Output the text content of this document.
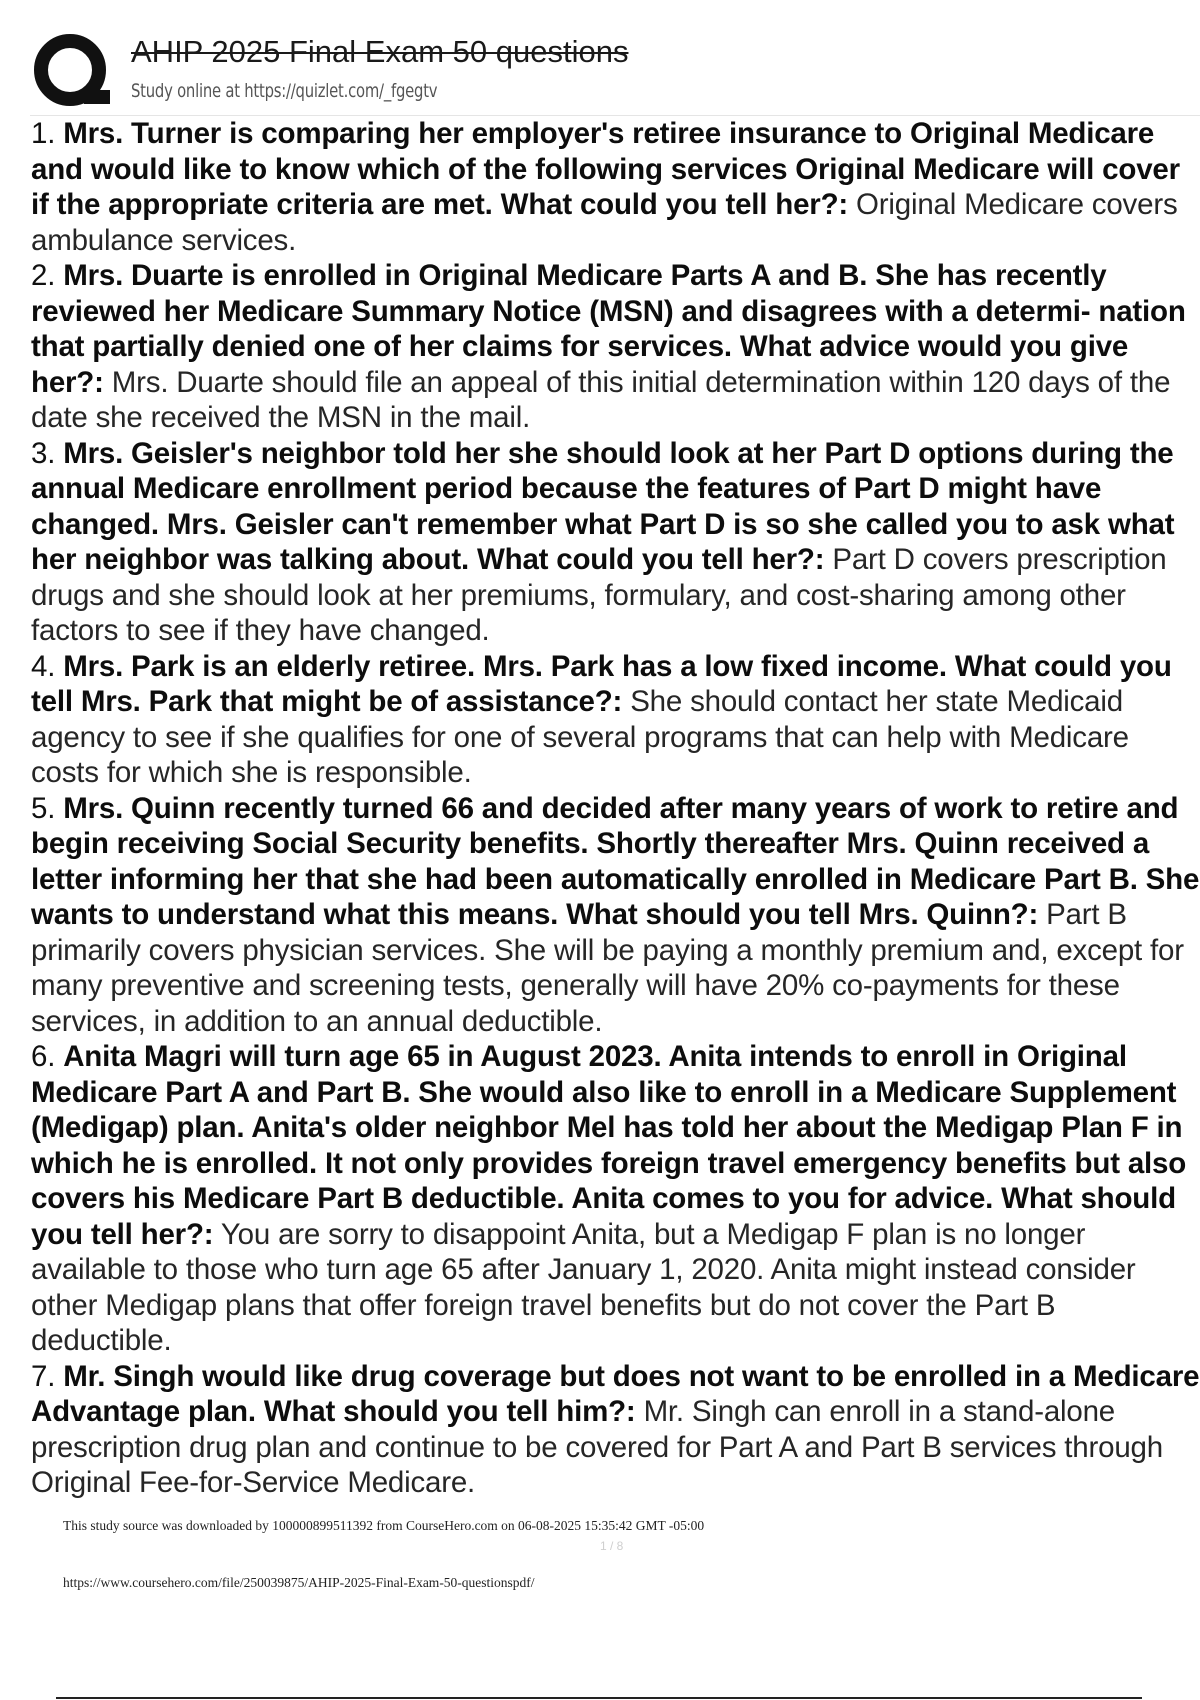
AHIP 2025 Final Exam 50 questions
Study online at https://quizlet.com/_fgegtv
1. Mrs. Turner is comparing her employer's retiree insurance to Original Medicare and would like to know which of the following services Original Medicare will cover if the appropriate criteria are met. What could you tell her?: Original Medicare covers ambulance services.
2. Mrs. Duarte is enrolled in Original Medicare Parts A and B. She has recently reviewed her Medicare Summary Notice (MSN) and disagrees with a determi- nation that partially denied one of her claims for services. What advice would you give her?: Mrs. Duarte should file an appeal of this initial determination within 120 days of the date she received the MSN in the mail.
3. Mrs. Geisler's neighbor told her she should look at her Part D options during the annual Medicare enrollment period because the features of Part D might have changed. Mrs. Geisler can't remember what Part D is so she called you to ask what her neighbor was talking about. What could you tell her?: Part D covers prescription drugs and she should look at her premiums, formulary, and cost-sharing among other factors to see if they have changed.
4. Mrs. Park is an elderly retiree. Mrs. Park has a low fixed income. What could you tell Mrs. Park that might be of assistance?: She should contact her state Medicaid agency to see if she qualifies for one of several programs that can help with Medicare costs for which she is responsible.
5. Mrs. Quinn recently turned 66 and decided after many years of work to retire and begin receiving Social Security benefits. Shortly thereafter Mrs. Quinn received a letter informing her that she had been automatically enrolled in Medicare Part B. She wants to understand what this means. What should you tell Mrs. Quinn?: Part B primarily covers physician services. She will be paying a monthly premium and, except for many preventive and screening tests, generally will have 20% co-payments for these services, in addition to an annual deductible.
6. Anita Magri will turn age 65 in August 2023. Anita intends to enroll in Original Medicare Part A and Part B. She would also like to enroll in a Medicare Supplement (Medigap) plan. Anita's older neighbor Mel has told her about the Medigap Plan F in which he is enrolled. It not only provides foreign travel emergency benefits but also covers his Medicare Part B deductible. Anita comes to you for advice. What should you tell her?: You are sorry to disappoint Anita, but a Medigap F plan is no longer available to those who turn age 65 after January 1, 2020. Anita might instead consider other Medigap plans that offer foreign travel benefits but do not cover the Part B deductible.
7. Mr. Singh would like drug coverage but does not want to be enrolled in a Medicare Advantage plan. What should you tell him?: Mr. Singh can enroll in a stand-alone prescription drug plan and continue to be covered for Part A and Part B services through Original Fee-for-Service Medicare.
This study source was downloaded by 100000899511392 from CourseHero.com on 06-08-2025 15:35:42 GMT -05:00
1 / 8
https://www.coursehero.com/file/250039875/AHIP-2025-Final-Exam-50-questionspdf/
